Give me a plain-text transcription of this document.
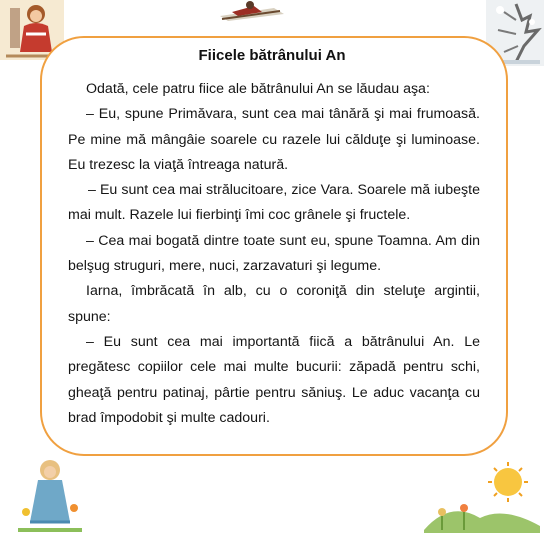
Fiicele bătrânului An

Odată, cele patru fiice ale bătrânului An se lăudau aşa:

– Eu, spune Primăvara, sunt cea mai tânără şi mai frumoasă. Pe mine mă mângâie soarele cu razele lui călduţe şi luminoase. Eu trezesc la viaţă întreaga natură.

– Eu sunt cea mai strălucitoare, zice Vara. Soarele mă iubeşte mai mult. Razele lui fierbinţi îmi coc grânele şi fructele.

– Cea mai bogată dintre toate sunt eu, spune Toamna. Am din belşug struguri, mere, nuci, zarzavaturi şi legume.

Iarna, îmbrăcată în alb, cu o coroniţă din steluţe argintii, spune:

– Eu sunt cea mai importantă fiică a bătrânului An. Le pregătesc copiilor cele mai multe bucurii: zăpadă pentru schi, gheaţă pentru patinaj, pârtie pentru săniuş. Le aduc vacanţa cu brad împodobit şi multe cadouri.
